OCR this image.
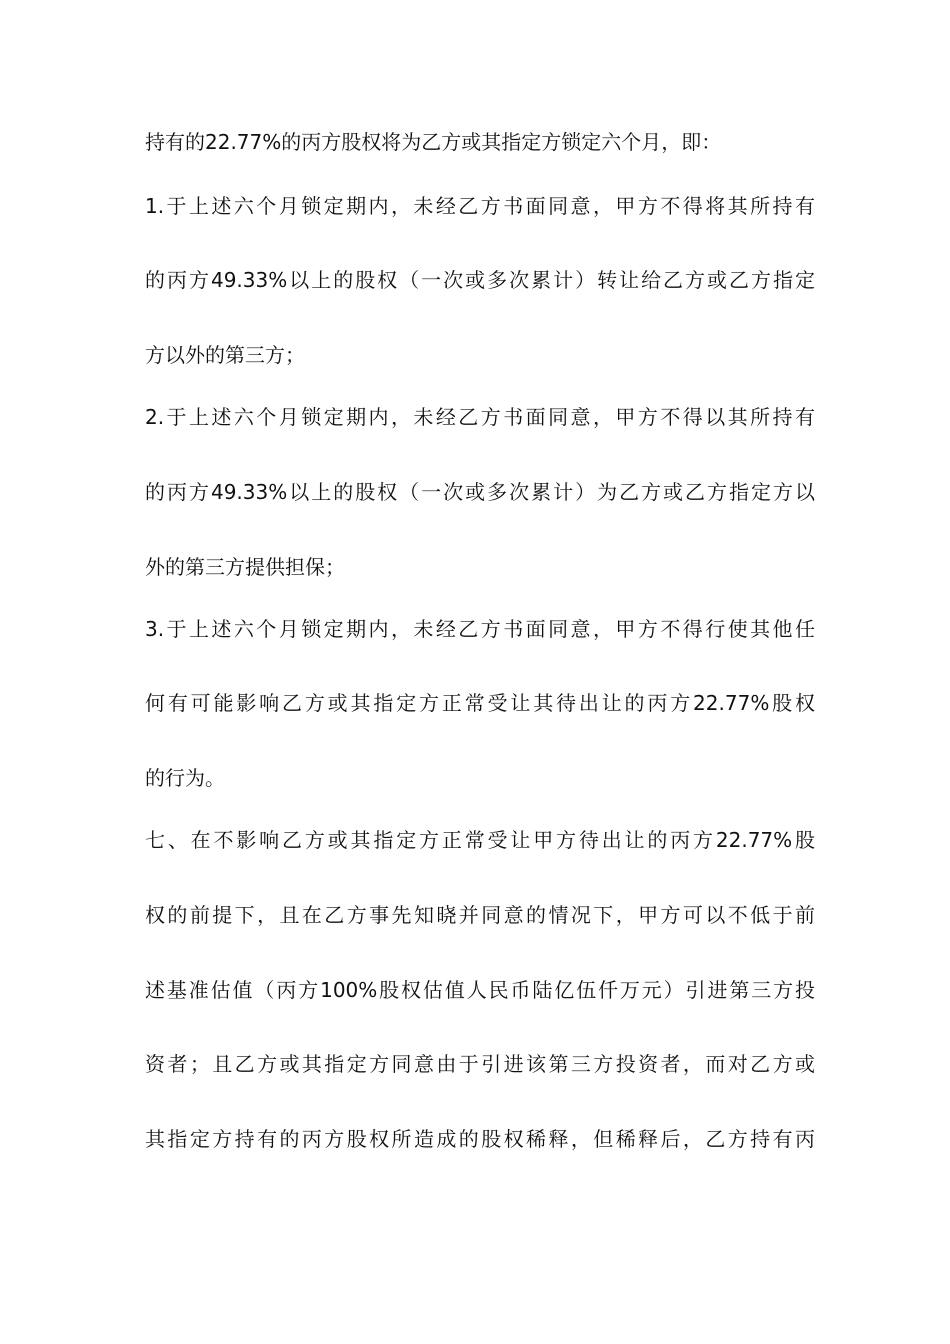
持有的22.77%的丙方股权将为乙方或其指定方锁定六个月，即：
1.于上述六个月锁定期内，未经乙方书面同意，甲方不得将其所持有
的丙方49.33%以上的股权（一次或多次累计）转让给乙方或乙方指定
方以外的第三方；
2.于上述六个月锁定期内，未经乙方书面同意，甲方不得以其所持有
的丙方49.33%以上的股权（一次或多次累计）为乙方或乙方指定方以
外的第三方提供担保；
3.于上述六个月锁定期内，未经乙方书面同意，甲方不得行使其他任
何有可能影响乙方或其指定方正常受让其待出让的丙方22.77%股权
的行为。
七、在不影响乙方或其指定方正常受让甲方待出让的丙方22.77%股
权的前提下，且在乙方事先知晓并同意的情况下，甲方可以不低于前
述基准估值（丙方100%股权估值人民币陆亿伍仟万元）引进第三方投
资者；且乙方或其指定方同意由于引进该第三方投资者，而对乙方或
其指定方持有的丙方股权所造成的股权稀释，但稀释后，乙方持有丙
